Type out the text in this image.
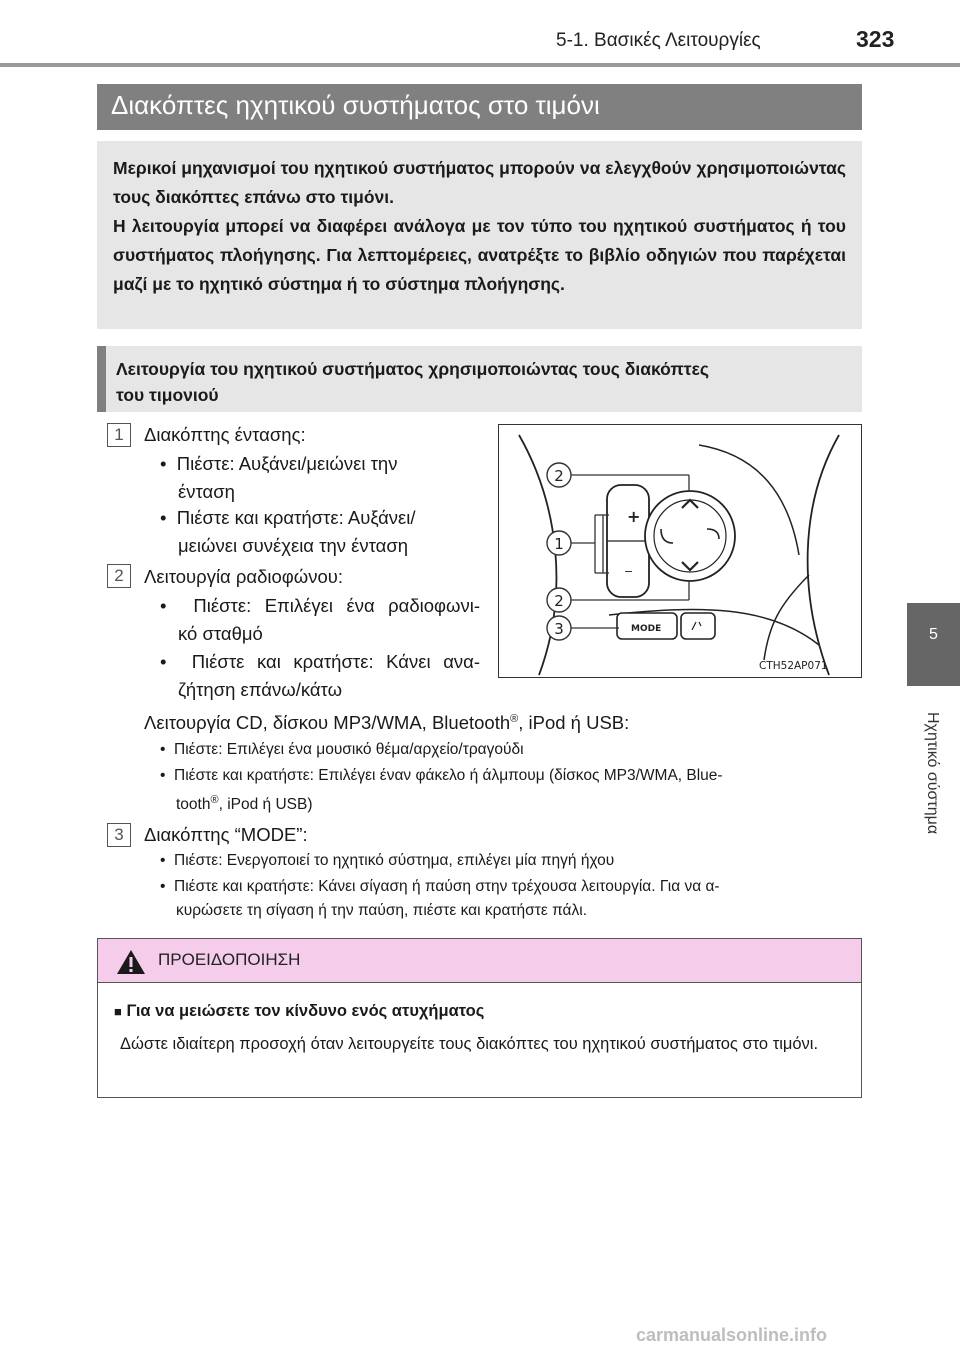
5-1. Βασικές Λειτουργίες	323
5
Ηχητικό σύστημα
Διακόπτες ηχητικού συστήματος στο τιμόνι

Μερικοί μηχανισμοί του ηχητικού συστήματος μπορούν να ελεγχθούν χρησιμοποιώντας τους διακόπτες επάνω στο τιμόνι.

Η λειτουργία μπορεί να διαφέρει ανάλογα με τον τύπο του ηχητικού συστήματος ή του συστήματος πλοήγησης. Για λεπτομέρειες, ανατρέξτε το βιβλίο οδηγιών που παρέχεται μαζί με το ηχητικό σύστημα ή το σύστημα πλοήγησης.

Λειτουργία του ηχητικού συστήματος χρησιμοποιώντας τους διακόπτες
του τιμονιού
1	Διακόπτης έντασης:
•  Πιέστε: Αυξάνει/μειώνει την
ένταση
•  Πιέστε και κρατήστε: Αυξάνει/
μειώνει συνέχεια την ένταση
2	Λειτουργία ραδιοφώνου:
•  Πιέστε: Επιλέγει ένα ραδιοφωνι-
κό σταθμό
•  Πιέστε και κρατήστε: Κάνει ανα-
ζήτηση επάνω/κάτω
Λειτουργία CD, δίσκου MP3/WMA, Bluetooth®, iPod ή USB:
•  Πιέστε: Επιλέγει ένα μουσικό θέμα/αρχείο/τραγούδι
•  Πιέστε και κρατήστε: Επιλέγει έναν φάκελο ή άλμπουμ (δίσκος MP3/WMA, Blue-
tooth®, iPod ή USB)
3	Διακόπτης “MODE”:
•  Πιέστε: Ενεργοποιεί το ηχητικό σύστημα, επιλέγει μία πηγή ήχου
•  Πιέστε και κρατήστε: Κάνει σίγαση ή παύση στην τρέχουσα λειτουργία. Για να α-
κυρώσετε τη σίγαση ή την παύση, πιέστε και κρατήστε πάλι.
+
−
MODE
2
1
2
3
CTH52AP071
ΠΡΟΕΙΔΟΠΟΙΗΣΗ
■ Για να μειώσετε τον κίνδυνο ενός ατυχήματος
Δώστε ιδιαίτερη προσοχή όταν λειτουργείτε τους διακόπτες του ηχητικού συστήματος στο τιμόνι.
carmanualsonline.info
